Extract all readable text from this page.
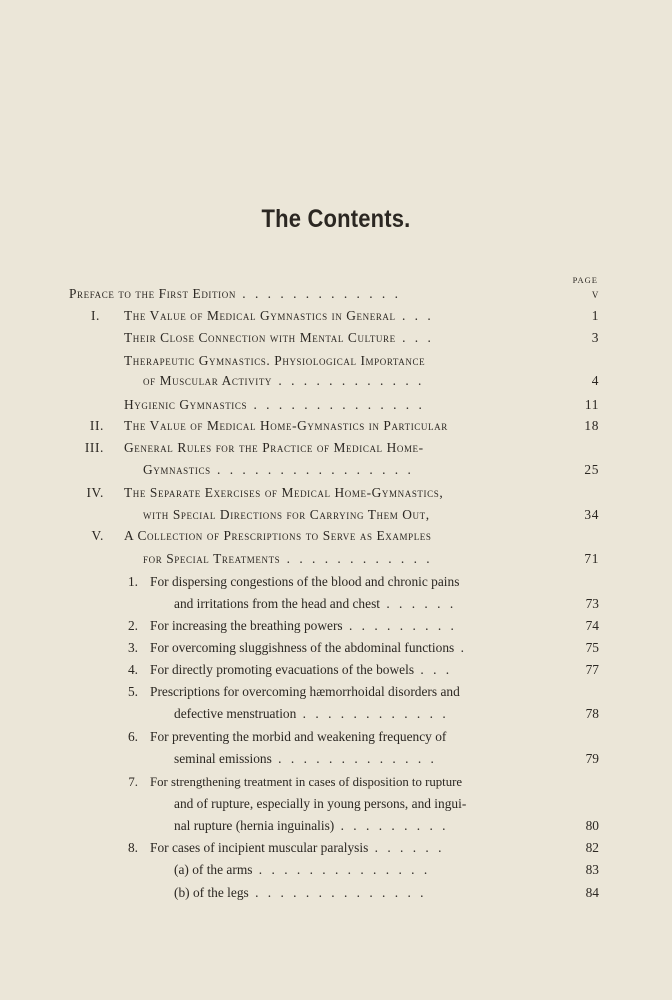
The Contents.
PAGE
Preface to the First Edition . . . . . . . . . . . . .	v
I. The Value of Medical Gymnastics in General . . .	1
Their Close Connection with Mental Culture . . .	3
Therapeutic Gymnastics. Physiological Importance
of Muscular Activity . . . . . . . . . . . .	4
Hygienic Gymnastics . . . . . . . . . . . . . .	11
II. The Value of Medical Home-Gymnastics in Particular	18
III. General Rules for the Practice of Medical Home-
Gymnastics . . . . . . . . . . . . . . . .	25
IV. The Separate Exercises of Medical Home-Gymnastics,
with Special Directions for Carrying Them Out,	34
V. A Collection of Prescriptions to Serve as Examples
for Special Treatments . . . . . . . . . . . .	71
1. For dispersing congestions of the blood and chronic pains
and irritations from the head and chest . . . . . .	73
2. For increasing the breathing powers . . . . . . . . .	74
3. For overcoming sluggishness of the abdominal functions .	75
4. For directly promoting evacuations of the bowels . . .	77
5. Prescriptions for overcoming hæmorrhoidal disorders and
defective menstruation . . . . . . . . . . . .	78
6. For preventing the morbid and weakening frequency of
seminal emissions . . . . . . . . . . . . .	79
7. For strengthening treatment in cases of disposition to rupture
and of rupture, especially in young persons, and ingui-
nal rupture (hernia inguinalis) . . . . . . . . .	80
8. For cases of incipient muscular paralysis . . . . . .	82
(a) of the arms . . . . . . . . . . . . . .	83
(b) of the legs . . . . . . . . . . . . . .	84
